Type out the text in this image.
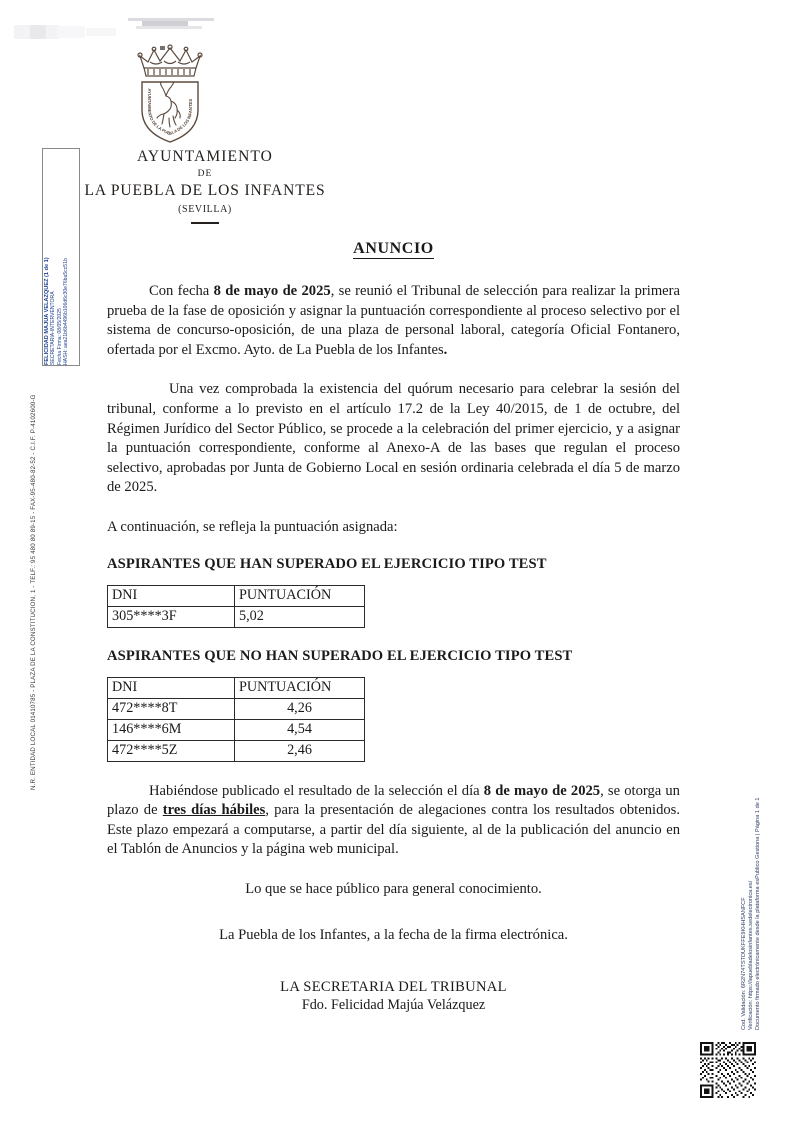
AYUNTAMIENTO DE LA PUEBLA DE LOS INFANTES
AYUNTAMIENTO
DE
LA PUEBLA DE LOS INFANTES
(SEVILLA)
FELICIDAD MAJUA VELAZQUEZ (1 de 1) SECRETARIA-INTERVENTORA Fecha Firma: 08/05/2025 HASH: aea21b6b4496b106d6c30e76ba5cc51b
N.R. ENTIDAD LOCAL 01410785 - PLAZA DE LA CONSTITUCION, 1 - TELF.: 95 480 80 89-15 - FAX-95-480-82-52 - C.I.F. P-4102600-G
Cod. Validación: 6R2N74TSTDUKFFE9KHHSANFCF Verificación: https://lapuebladelosinfantes.sedelectronica.es/ Documento firmado electrónicamente desde la plataforma esPublico Gestiona | Página 1 de 1
ANUNCIO

Con fecha 8 de mayo de 2025, se reunió el Tribunal de selección para realizar la primera prueba de la fase de oposición y asignar la puntuación correspondiente al proceso selectivo por el sistema de concurso-oposición, de una plaza de personal laboral, categoría Oficial Fontanero, ofertada por el Excmo. Ayto. de La Puebla de los Infantes.

Una vez comprobada la existencia del quórum necesario para celebrar la sesión del tribunal, conforme a lo previsto en el artículo 17.2 de la Ley 40/2015, de 1 de octubre, del Régimen Jurídico del Sector Público, se procede a la celebración del primer ejercicio, y a asignar la puntuación correspondiente, conforme al Anexo-A de las bases que regulan el proceso selectivo, aprobadas por Junta de Gobierno Local en sesión ordinaria celebrada el día 5 de marzo de 2025.

A continuación, se refleja la puntuación asignada:

ASPIRANTES QUE HAN SUPERADO EL EJERCICIO TIPO TEST
DNI	PUNTUACIÓN
305****3F	5,02
ASPIRANTES QUE NO HAN SUPERADO EL EJERCICIO TIPO TEST
DNI	PUNTUACIÓN
472****8T	4,26
146****6M	4,54
472****5Z	2,46

Habiéndose publicado el resultado de la selección el día 8 de mayo de 2025, se otorga un plazo de tres días hábiles, para la presentación de alegaciones contra los resultados obtenidos. Este plazo empezará a computarse, a partir del día siguiente, al de la publicación del anuncio en el Tablón de Anuncios y la página web municipal.

Lo que se hace público para general conocimiento.

La Puebla de los Infantes, a la fecha de la firma electrónica.

LA SECRETARIA DEL TRIBUNAL
Fdo. Felicidad Majúa Velázquez
